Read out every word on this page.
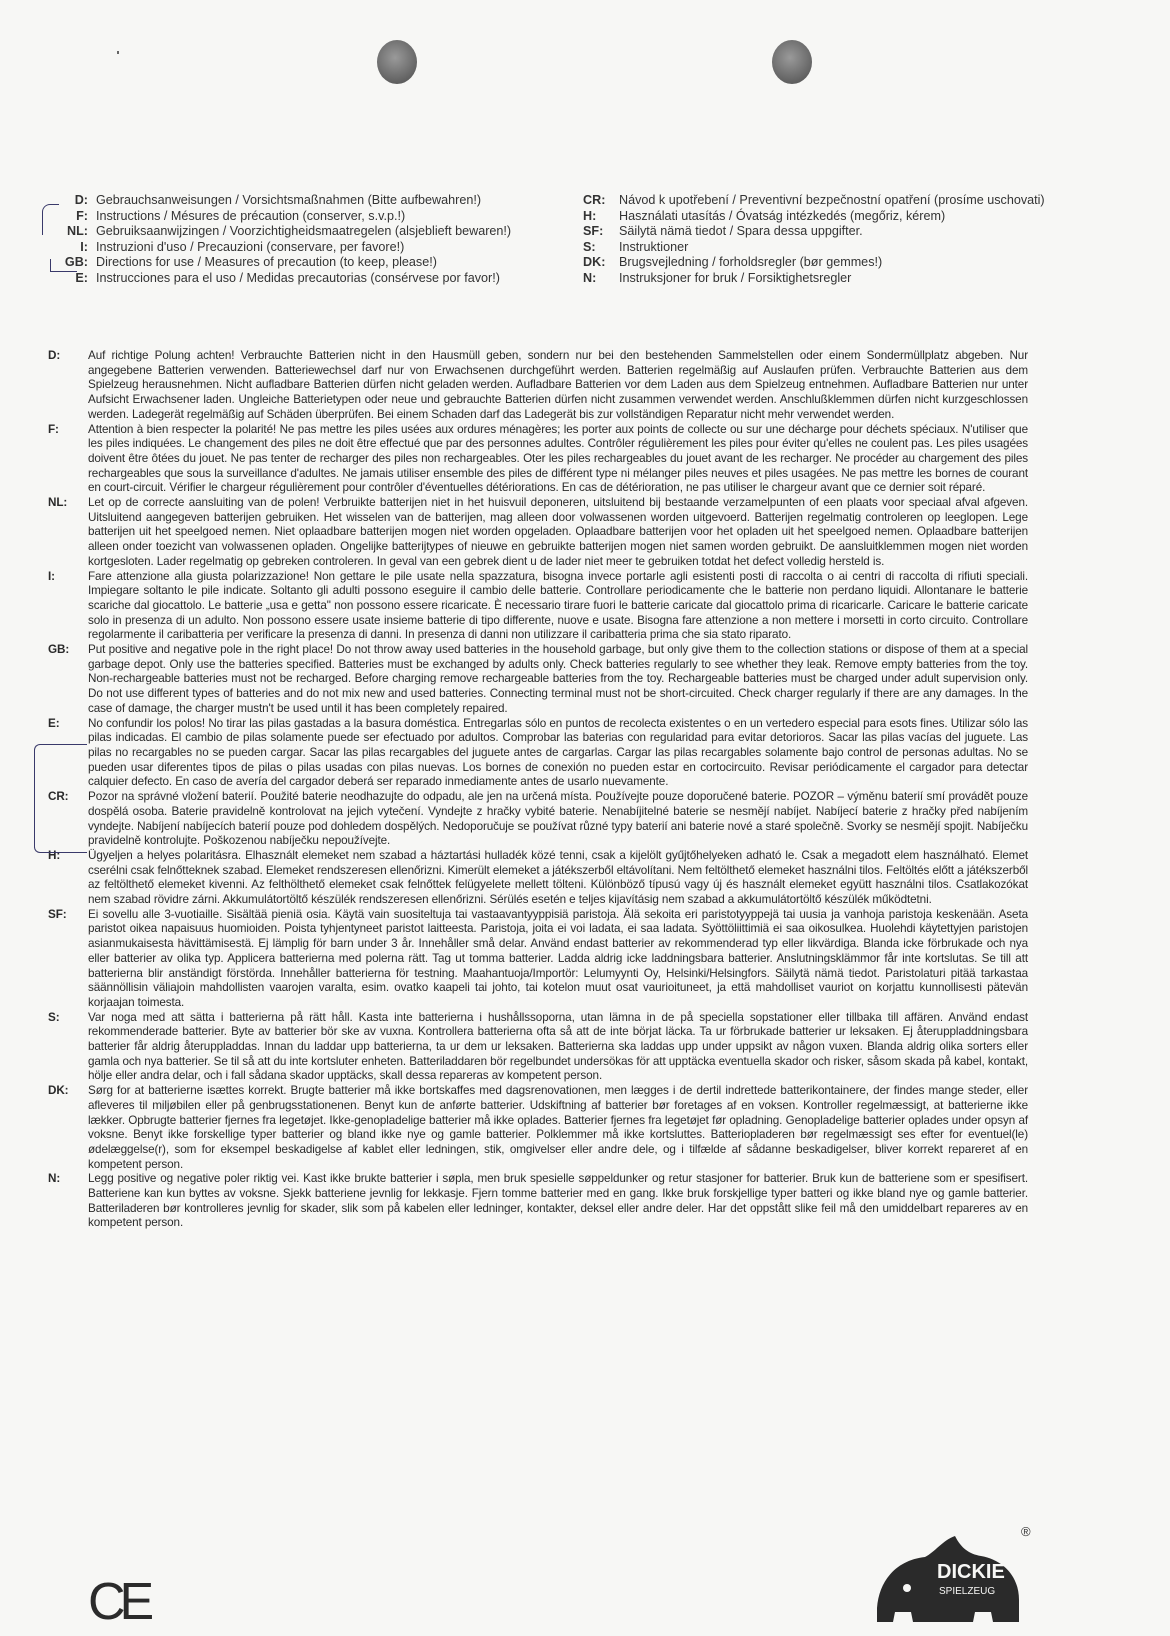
D: Gebrauchsanweisungen / Vorsichtsmaßnahmen (Bitte aufbewahren!)
F: Instructions / Mésures de précaution (conserver, s.v.p.!)
NL: Gebruiksaanwijzingen / Voorzichtigheidsmaatregelen (alsjeblieft bewaren!)
I: Instruzioni d'uso / Precauzioni (conservare, per favore!)
GB: Directions for use / Measures of precaution (to keep, please!)
E: Instrucciones para el uso / Medidas precautorias (consérvese por favor!)
CR:	Návod k upotřebení / Preventivní bezpečnostní opatření (prosíme uschovati)
H:	Használati utasítás / Óvatság intézkedés (megőriz, kérem)
SF:	Säilytä nämä tiedot / Spara dessa uppgifter.
S:	Instruktioner
DK:	Brugsvejledning / forholdsregler (bør gemmes!)
N:	Instruksjoner for bruk / Forsiktighetsregler
D:	Auf richtige Polung achten! Verbrauchte Batterien nicht in den Hausmüll geben, sondern nur bei den bestehenden Sammelstellen oder einem Sondermüllplatz abgeben. Nur angegebene Batterien verwenden. Batteriewechsel darf nur von Erwachsenen durchgeführt werden. Batterien regelmäßig auf Auslaufen prüfen. Verbrauchte Batterien aus dem Spielzeug herausnehmen. Nicht aufladbare Batterien dürfen nicht geladen werden. Aufladbare Batterien vor dem Laden aus dem Spielzeug entnehmen. Aufladbare Batterien nur unter Aufsicht Erwachsener laden. Ungleiche Batterietypen oder neue und gebrauchte Batterien dürfen nicht zusammen verwendet werden. Anschlußklemmen dürfen nicht kurzgeschlossen werden. Ladegerät regelmäßig auf Schäden überprüfen. Bei einem Schaden darf das Ladegerät bis zur vollständigen Reparatur nicht mehr verwendet werden.
F:	Attention à bien respecter la polarité! Ne pas mettre les piles usées aux ordures ménagères; les porter aux points de collecte ou sur une décharge pour déchets spéciaux. N'utiliser que les piles indiquées. Le changement des piles ne doit être effectué que par des personnes adultes. Contrôler régulièrement les piles pour éviter qu'elles ne coulent pas. Les piles usagées doivent être ôtées du jouet. Ne pas tenter de recharger des piles non rechargeables. Oter les piles rechargeables du jouet avant de les recharger. Ne procéder au chargement des piles rechargeables que sous la surveillance d'adultes. Ne jamais utiliser ensemble des piles de différent type ni mélanger piles neuves et piles usagées. Ne pas mettre les bornes de courant en court-circuit. Vérifier le chargeur régulièrement pour contrôler d'éventuelles détériorations. En cas de détérioration, ne pas utiliser le chargeur avant que ce dernier soit réparé.
NL:	Let op de correcte aansluiting van de polen! Verbruikte batterijen niet in het huisvuil deponeren, uitsluitend bij bestaande verzamelpunten of een plaats voor speciaal afval afgeven. Uitsluitend aangegeven batterijen gebruiken. Het wisselen van de batterijen, mag alleen door volwassenen worden uitgevoerd. Batterijen regelmatig controleren op leeglopen. Lege batterijen uit het speelgoed nemen. Niet oplaadbare batterijen mogen niet worden opgeladen. Oplaadbare batterijen voor het opladen uit het speelgoed nemen. Oplaadbare batterijen alleen onder toezicht van volwassenen opladen. Ongelijke batterijtypes of nieuwe en gebruikte batterijen mogen niet samen worden gebruikt. De aansluitklemmen mogen niet worden kortgesloten. Lader regelmatig op gebreken controleren. In geval van een gebrek dient u de lader niet meer te gebruiken totdat het defect volledig hersteld is.
I:	Fare attenzione alla giusta polarizzazione! Non gettare le pile usate nella spazzatura, bisogna invece portarle agli esistenti posti di raccolta o ai centri di raccolta di rifiuti speciali. Impiegare soltanto le pile indicate. Soltanto gli adulti possono eseguire il cambio delle batterie. Controllare periodicamente che le batterie non perdano liquidi. Allontanare le batterie scariche dal giocattolo. Le batterie „usa e getta" non possono essere ricaricate. È necessario tirare fuori le batterie caricate dal giocattolo prima di ricaricarle. Caricare le batterie caricate solo in presenza di un adulto. Non possono essere usate insieme batterie di tipo differente, nuove e usate. Bisogna fare attenzione a non mettere i morsetti in corto circuito. Controllare regolarmente il caribatteria per verificare la presenza di danni. In presenza di danni non utilizzare il caribatteria prima che sia stato riparato.
GB:	Put positive and negative pole in the right place! Do not throw away used batteries in the household garbage, but only give them to the collection stations or dispose of them at a special garbage depot. Only use the batteries specified. Batteries must be exchanged by adults only. Check batteries regularly to see whether they leak. Remove empty batteries from the toy. Non-rechargeable batteries must not be recharged. Before charging remove rechargeable batteries from the toy. Rechargeable batteries must be charged under adult supervision only. Do not use different types of batteries and do not mix new and used batteries. Connecting terminal must not be short-circuited. Check charger regularly if there are any damages. In the case of damage, the charger mustn't be used until it has been completely repaired.
E:	No confundir los polos! No tirar las pilas gastadas a la basura doméstica. Entregarlas sólo en puntos de recolecta existentes o en un vertedero especial para esots fines. Utilizar sólo las pilas indicadas. El cambio de pilas solamente puede ser efectuado por adultos. Comprobar las baterias con regularidad para evitar detorioros. Sacar las pilas vacías del juguete. Las pilas no recargables no se pueden cargar. Sacar las pilas recargables del juguete antes de cargarlas. Cargar las pilas recargables solamente bajo control de personas adultas. No se pueden usar diferentes tipos de pilas o pilas usadas con pilas nuevas. Los bornes de conexión no pueden estar en cortocircuito. Revisar periódicamente el cargador para detectar calquier defecto. En caso de avería del cargador deberá ser reparado inmediamente antes de usarlo nuevamente.
CR:	Pozor na správné vložení baterií. Použité baterie neodhazujte do odpadu, ale jen na určená místa. Používejte pouze doporučené baterie. POZOR – výměnu baterií smí provádět pouze dospělá osoba. Baterie pravidelně kontrolovat na jejich vytečení. Vyndejte z hračky vybité baterie. Nenabíjitelné baterie se nesmějí nabíjet. Nabíjecí baterie z hračky před nabíjením vyndejte. Nabíjení nabíjecích baterií pouze pod dohledem dospělých. Nedoporučuje se používat různé typy baterií ani baterie nové a staré společně. Svorky se nesmějí spojit. Nabíječku pravidelně kontrolujte. Poškozenou nabíječku nepoužívejte.
H:	Ügyeljen a helyes polaritásra. Elhasznált elemeket nem szabad a háztartási hulladék közé tenni, csak a kijelölt gyűjtőhelyeken adható le. Csak a megadott elem használható. Elemet cserélni csak felnőtteknek szabad. Elemeket rendszeresen ellenőrizni. Kimerült elemeket a játékszerből eltávolítani. Nem feltölthető elemeket használni tilos. Feltöltés előtt a játékszerből az feltölthető elemeket kivenni. Az felthölthető elemeket csak felnőttek felügyelete mellett tölteni. Különböző típusú vagy új és használt elemeket együtt használni tilos. Csatlakozókat nem szabad rövidre zárni. Akkumulátortöltő készülék rendszeresen ellenőrizni. Sérülés esetén e teljes kijavításig nem szabad a akkumulátortöltő készülék működtetni.
SF:	Ei sovellu alle 3-vuotiaille. Sisältää pieniä osia. Käytä vain suositeltuja tai vastaavantyyppisiä paristoja. Älä sekoita eri paristotyyppejä tai uusia ja vanhoja paristoja keskenään. Aseta paristot oikea napaisuus huomioiden. Poista tyhjentyneet paristot laitteesta. Paristoja, joita ei voi ladata, ei saa ladata. Syöttöliittimiä ei saa oikosulkea. Huolehdi käytettyjen paristojen asianmukaisesta hävittämisestä. Ej lämplig för barn under 3 år. Innehåller små delar. Använd endast batterier av rekommenderad typ eller likvärdiga. Blanda icke förbrukade och nya eller batterier av olika typ. Applicera batterierna med polerna rätt. Tag ut tomma batterier. Ladda aldrig icke laddningsbara batterier. Anslutningsklämmor får inte kortslutas. Se till att batterierna blir anständigt förstörda. Innehåller batterierna för testning. Maahantuoja/Importör: Lelumyynti Oy, Helsinki/Helsingfors. Säilytä nämä tiedot. Paristolaturi pitää tarkastaa säännöllisin väliajoin mahdollisten vaarojen varalta, esim. ovatko kaapeli tai johto, tai kotelon muut osat vaurioituneet, ja että mahdolliset vauriot on korjattu kunnollisesti pätevän korjaajan toimesta.
S:	Var noga med att sätta i batterierna på rätt håll. Kasta inte batterierna i hushållssoporna, utan lämna in de på speciella sopstationer eller tillbaka till affären. Använd endast rekommenderade batterier. Byte av batterier bör ske av vuxna. Kontrollera batterierna ofta så att de inte börjat läcka. Ta ur förbrukade batterier ur leksaken. Ej återuppladdningsbara batterier får aldrig återuppladdas. Innan du laddar upp batterierna, ta ur dem ur leksaken. Batterierna ska laddas upp under uppsikt av någon vuxen. Blanda aldrig olika sorters eller gamla och nya batterier. Se til så att du inte kortsluter enheten. Batteriladdaren bör regelbundet undersökas för att upptäcka eventuella skador och risker, såsom skada på kabel, kontakt, hölje eller andra delar, och i fall sådana skador upptäcks, skall dessa repareras av kompetent person.
DK:	Sørg for at batterierne isættes korrekt. Brugte batterier må ikke bortskaffes med dagsrenovationen, men lægges i de dertil indrettede batterikontainere, der findes mange steder, eller afleveres til miljøbilen eller på genbrugsstationenen. Benyt kun de anførte batterier. Udskiftning af batterier bør foretages af en voksen. Kontroller regelmæssigt, at batterierne ikke lækker. Opbrugte batterier fjernes fra legetøjet. Ikke-genopladelige batterier må ikke oplades. Batterier fjernes fra legetøjet før opladning. Genopladelige batterier oplades under opsyn af voksne. Benyt ikke forskellige typer batterier og bland ikke nye og gamle batterier. Polklemmer må ikke kortsluttes. Batteriopladeren bør regelmæssigt ses efter for eventuel(le) ødelæggelse(r), som for eksempel beskadigelse af kablet eller ledningen, stik, omgivelser eller andre dele, og i tilfælde af sådanne beskadigelser, bliver korrekt repareret af en kompetent person.
N:	Legg positive og negative poler riktig vei. Kast ikke brukte batterier i søpla, men bruk spesielle søppeldunker og retur stasjoner for batterier. Bruk kun de batteriene som er spesifisert. Batteriene kan kun byttes av voksne. Sjekk batteriene jevnlig for lekkasje. Fjern tomme batterier med en gang. Ikke bruk forskjellige typer batteri og ikke bland nye og gamle batterier. Batteriladeren bør kontrolleres jevnlig for skader, slik som på kabelen eller ledninger, kontakter, deksel eller andre deler. Har det oppstått slike feil må den umiddelbart repareres av en kompetent person.
CE
DICKIE
SPIELZEUG
®
